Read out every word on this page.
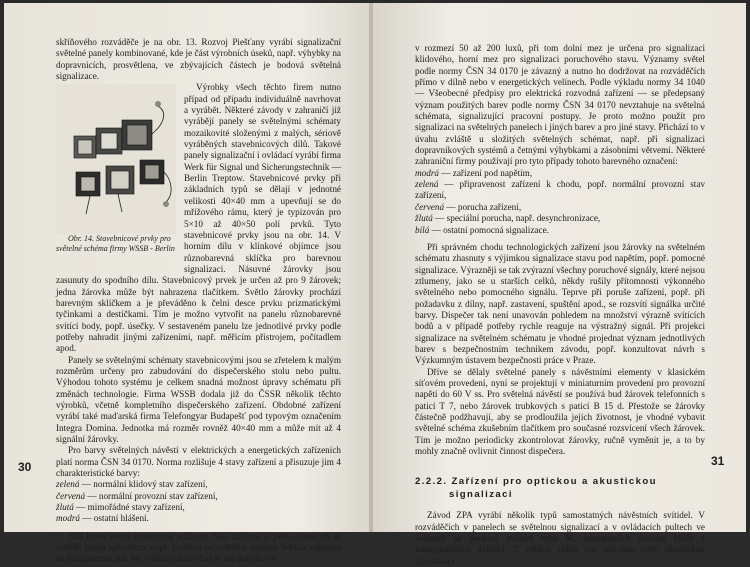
skříňového rozváděče je na obr. 13. Rozvoj Piešťany vyrábí signalizační světelné panely kombinované, kde je část výrobních úseků, např. výhybky na dopravnicích, prosvětlena, ve zbývajících částech je bodová světelná signalizace.

Obr. 14. Stavebnicové prvky pro světelné schéma firmy WSSB - Berlin
Výrobky všech těchto firem nutno případ od případu individuálně navrhovat a vyrábět. Některé závody v zahraničí již vyrábějí panely se světelnými schématy mozaikovité složenými z malých, sériově vyráběných stavebnicových dílů. Takové panely signalizační i ovládací vyrábí firma Werk für Signal und Sicherungstechnik — Berlin Treptow. Stavebnicové prvky při základních typů se dělají v jednotné velikosti 40×40 mm a upevňují se do mřížového rámu, který je typizován pro 5×10 až 40×50 polí prvků. Tyto stavebnicové prvky jsou na obr. 14. V horním dílu v klínkové objímce jsou různobarevná sklíčka pro barevnou signalizaci. Násuvné žárovky jsou zasunuty do spodního dílu. Stavebnicový prvek je určen až pro 9 žárovek; jedna žárovka může být nahrazena tlačítkem. Světlo žárovky prochází barevným sklíčkem a je převáděno k čelní desce prvku prizmatickými tyčinkami a destičkami. Tím je možno vytvořit na panelu různobarevné svítící body, popř. úsečky. V sestaveném panelu lze jednotlivé prvky podle potřeby nahradit jinými zařízeními, např. měřicím přístrojem, počítadlem apod.

Panely se světelnými schématy stavebnicovými jsou se zřetelem k malým rozměrům určeny pro zabudování do dispečerského stolu nebo pultu. Výhodou tohoto systému je celkem snadná možnost úpravy schématu při změnách technologie. Firma WSSB dodala již do ČSSR několik těchto výrobků, včetně kompletního dispečerského zařízení. Obdobné zařízení vyrábí také maďarská firma Telefongyar Budapešť pod typovým označením Integra Domina. Jednotka má rozměr rovněž 40×40 mm a může mít až 4 signální žárovky.

Pro barvy světelných návěstí v elektrických a energetických zařízeních platí norma ČSN 34 0170. Norma rozlišuje 4 stavy zařízení a přisuzuje jim 4 charakteristické barvy:

zelená — normální klidový stav zařízení,

červená — normální provozní stav zařízení,

žlutá — mimořádné stavy zařízení,

modrá — ostatní hlášení.

Bílá barva nemá samostatný význam. Stav zařízení je proto nutno při ní rozlišit jiným způsobem, např. polohou prosvětlené rukojeti řídítka, nápisem na transparentu atd. Jas světelných návěstí se má pohybovat

30

v rozmezí 50 až 200 luxů, při tom dolní mez je určena pro signalizaci klidového, horní mez pro signalizaci poruchového stavu. Významy světel podle normy ČSN 34 0170 je závazný a nutno ho dodržovat na rozváděčích přímo v dílně nebo v energetických velínech. Podle výkladu normy 34 1040 — Všeobecné předpisy pro elektrická rozvodná zařízení — se předepsaný význam použitých barev podle normy ČSN 34 0170 nevztahuje na světelná schémata, signalizující pracovní postupy. Je proto možno použít pro signalizaci na světelných panelech i jiných barev a pro jiné stavy. Přichází to v úvahu zvláště u složitých světelných schémat, např. při signalizaci dopravníkových systémů a četnými výhybkami a zásobními větvemi. Některé zahraniční firmy používají pro tyto případy tohoto barevného označení:

modrá — zařízení pod napětím,

zelená — připravenost zařízení k chodu, popř. normální provozní stav zařízení,

červená — porucha zařízení,

žlutá — speciální porucha, např. desynchronizace,

bílá — ostatní pomocná signalizace.

Při správném chodu technologických zařízení jsou žárovky na světelném schématu zhasnuty s výjimkou signalizace stavu pod napětím, popř. pomocné signalizace. Výrazněji se tak zvýrazní všechny poruchové signály, které nejsou ztlumeny, jako se u starších celků, někdy rušily přítomnosti výkonného světelného nebo pomocného signálu. Teprve při poruše zařízení, popř. při požadavku z dílny, např. zastavení, spuštění apod., se rozsvítí signálka určité barvy. Dispečer tak není unavován pohledem na množství výrazně svítících bodů a v případě potřeby rychle reaguje na výstražný signál. Při projekci signalizace na světelném schématu je vhodné projednat význam jednotlivých barev s bezpečnostním technikem závodu, popř. konzultovat návrh s Výzkumným ústavem bezpečnosti práce v Praze.

Dříve se dělaly světelné panely s návěstními elementy v klasickém síťovém provedení, nyní se projektují v miniaturním provedení pro provozní napětí do 60 V ss. Pro světelná návěstí se používá bud žárovek telefonních s paticí T 7, nebo žárovek trubkových s paticí B 15 d. Přestože se žárovky částečně podžhavují, aby se prodloužila jejich životnost, je vhodné vybavit světelné schéma zkušebním tlačítkem pro současné rozsvícení všech žárovek. Tím je možno periodicky zkontrolovat žárovky, ručně vyměnit je, a to by mohly značně ovlivnit činnost dispečera.

2.2.2. Zařízení pro optickou a akustickou
signalizaci

Závod ZPA vyrábí několik typů samostatných návěstních svítidel. V rozváděčích v panelech se světelnou signalizací a v ovládacích pultech ve velínech se používá svítidel typu M, miniaturních svítidel MSD a transparentních svítidel. Z větších celků pro optickou nebo akustickou signalizaci

31
